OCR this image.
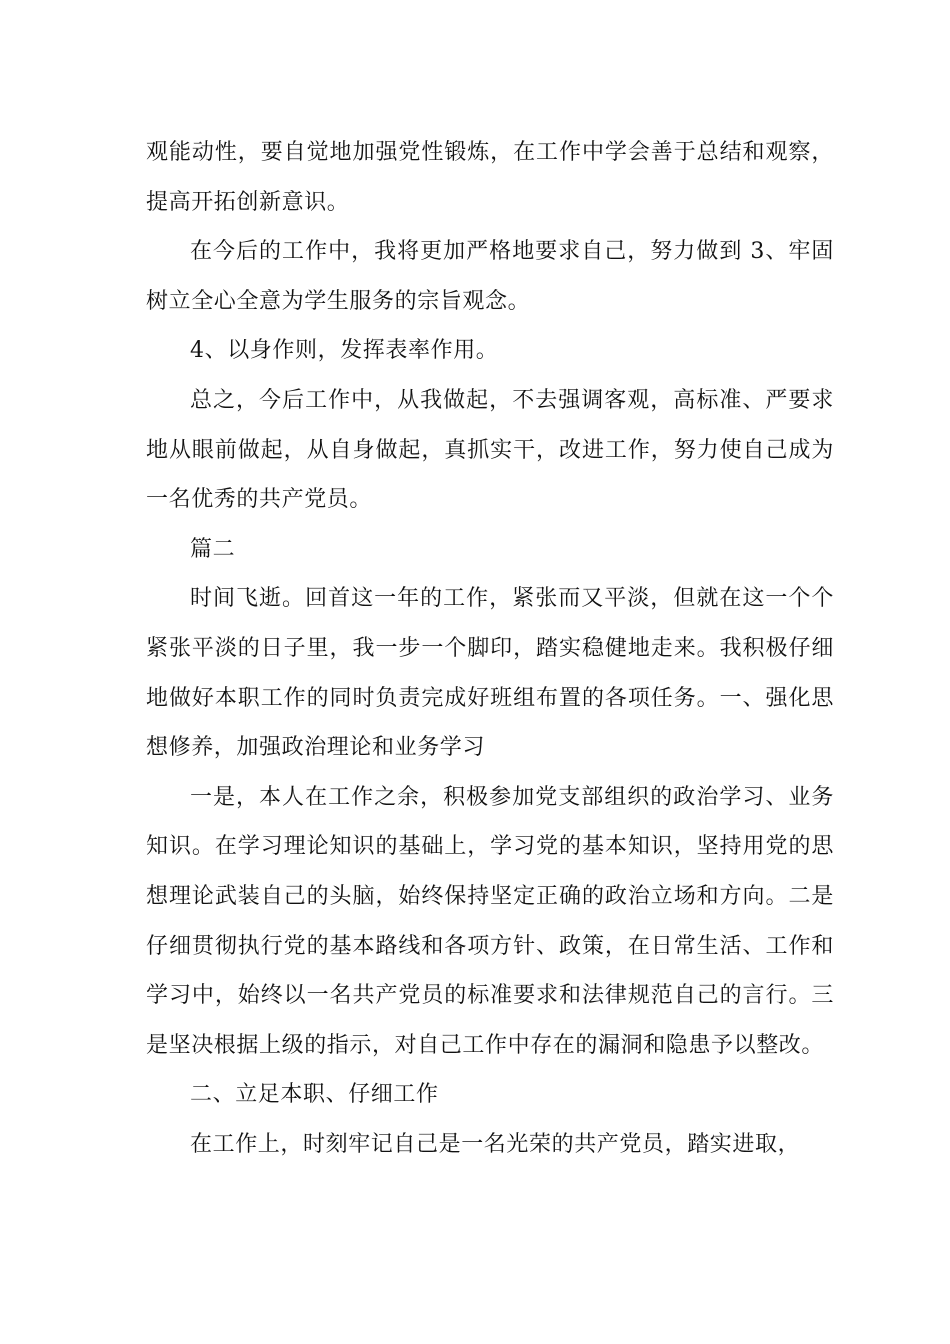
观能动性，要自觉地加强党性锻炼，在工作中学会善于总结和观察，提高开拓创新意识。

在今后的工作中，我将更加严格地要求自己，努力做到 3、牢固树立全心全意为学生服务的宗旨观念。

4、以身作则，发挥表率作用。

总之，今后工作中，从我做起，不去强调客观，高标准、严要求地从眼前做起，从自身做起，真抓实干，改进工作，努力使自己成为一名优秀的共产党员。

篇二

时间飞逝。回首这一年的工作，紧张而又平淡，但就在这一个个紧张平淡的日子里，我一步一个脚印，踏实稳健地走来。我积极仔细地做好本职工作的同时负责完成好班组布置的各项任务。一、强化思想修养，加强政治理论和业务学习

一是，本人在工作之余，积极参加党支部组织的政治学习、业务知识。在学习理论知识的基础上，学习党的基本知识，坚持用党的思想理论武装自己的头脑，始终保持坚定正确的政治立场和方向。二是仔细贯彻执行党的基本路线和各项方针、政策，在日常生活、工作和学习中，始终以一名共产党员的标准要求和法律规范自己的言行。三是坚决根据上级的指示，对自己工作中存在的漏洞和隐患予以整改。

二、立足本职、仔细工作

在工作上，时刻牢记自己是一名光荣的共产党员，踏实进取，
